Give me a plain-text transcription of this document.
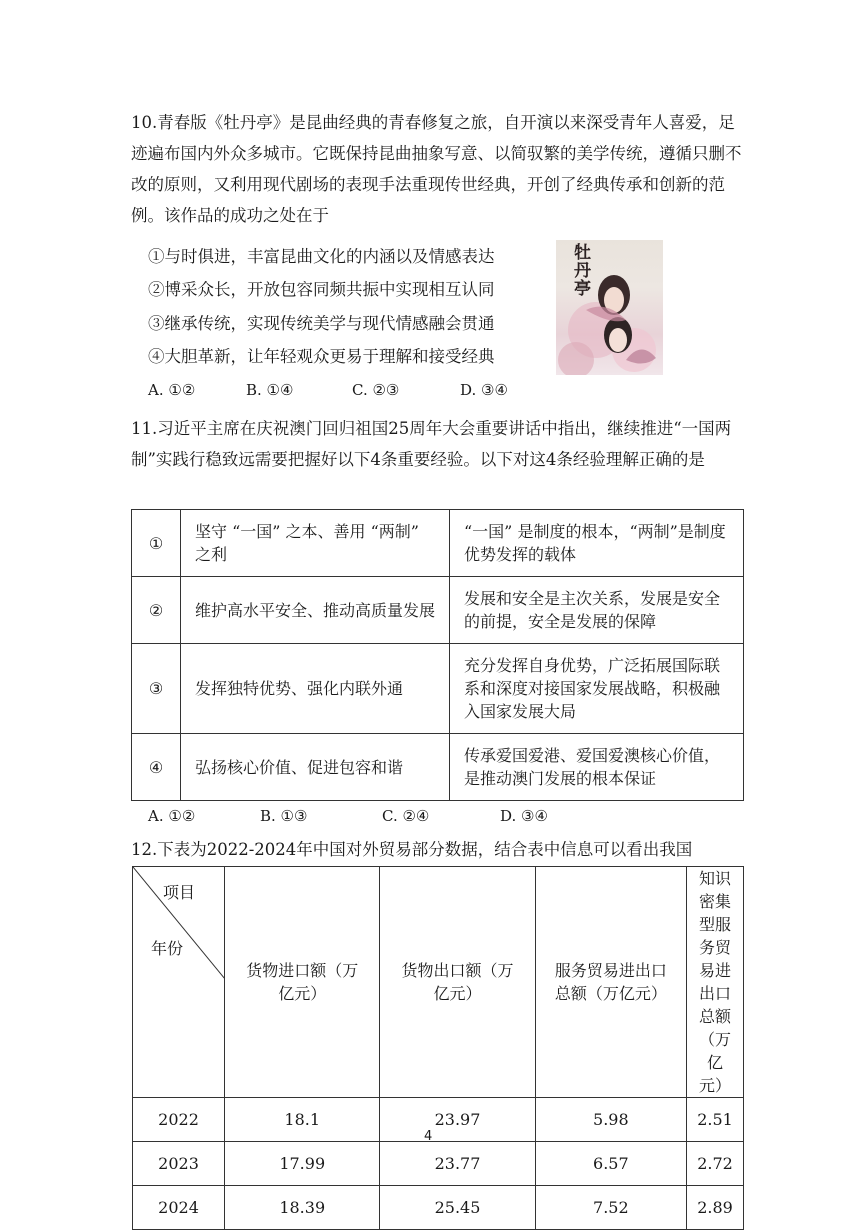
10.青春版《牡丹亭》是昆曲经典的青春修复之旅，自开演以来深受青年人喜爱，足迹遍布国内外众多城市。它既保持昆曲抽象写意、以简驭繁的美学传统，遵循只删不改的原则，又利用现代剧场的表现手法重现传世经典，开创了经典传承和创新的范例。该作品的成功之处在于
①与时俱进，丰富昆曲文化的内涵以及情感表达
②博采众长，开放包容同频共振中实现相互认同
③继承传统，实现传统美学与现代情感融会贯通
④大胆革新，让年轻观众更易于理解和接受经典
A. ①②	B. ①④	C. ②③	D. ③④
牡丹亭
11.习近平主席在庆祝澳门回归祖国25周年大会重要讲话中指出，继续推进“一国两制”实践行稳致远需要把握好以下4条重要经验。以下对这4条经验理解正确的是
①	坚守 “一国” 之本、善用 “两制” 之利	“一国” 是制度的根本，“两制”是制度优势发挥的载体
②	维护高水平安全、推动高质量发展	发展和安全是主次关系，发展是安全的前提，安全是发展的保障
③	发挥独特优势、强化内联外通	充分发挥自身优势，广泛拓展国际联系和深度对接国家发展战略，积极融入国家发展大局
④	弘扬核心价值、促进包容和谐	传承爱国爱港、爱国爱澳核心价值，是推动澳门发展的根本保证
A. ①②	B. ①③	C. ②④	D. ③④
12.下表为2022-2024年中国对外贸易部分数据，结合表中信息可以看出我国
项目
年份	货物进口额（万亿元）	货物出口额（万亿元）	服务贸易进出口总额（万亿元）	知识密集型服务贸易进出口总额（万亿元）
2022	18.1	23.97	5.98	2.51
2023	17.99	23.77	6.57	2.72
2024	18.39	25.45	7.52	2.89
4
